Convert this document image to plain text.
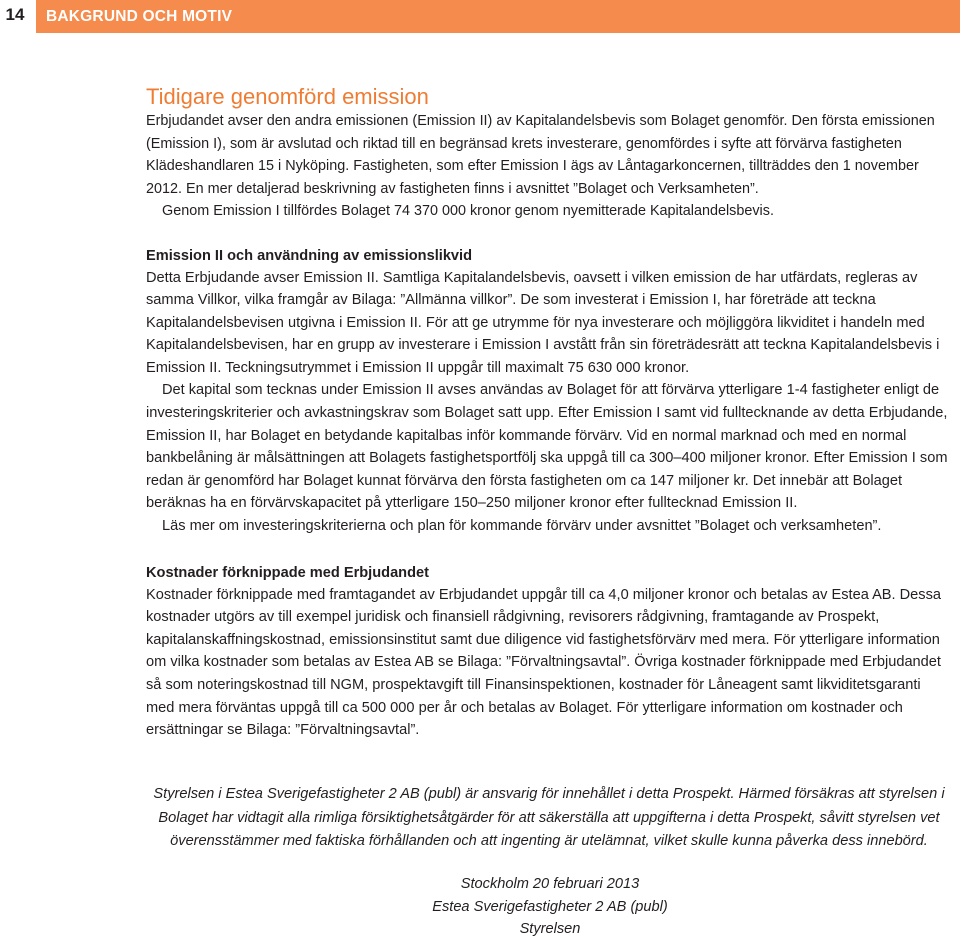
14	BAKGRUND OCH MOTIV
Tidigare genomförd emission

Erbjudandet avser den andra emissionen (Emission II) av Kapitalandelsbevis som Bolaget genomför. Den första emissionen (Emission I), som är avslutad och riktad till en begränsad krets investerare, genomfördes i syfte att förvärva fastigheten Klädeshandlaren 15 i Nyköping. Fastigheten, som efter Emission I ägs av Låntagarkoncernen, tillträddes den 1 november 2012. En mer detaljerad beskrivning av fastigheten finns i avsnittet ”Bolaget och Verksamheten”.

Genom Emission I tillfördes Bolaget 74 370 000 kronor genom nyemitterade Kapitalandelsbevis.

Emission II och användning av emissionslikvid

Detta Erbjudande avser Emission II. Samtliga Kapitalandelsbevis, oavsett i vilken emission de har utfärdats, regleras av samma Villkor, vilka framgår av Bilaga: ”Allmänna villkor”. De som investerat i Emission I, har företräde att teckna Kapitalandelsbevisen utgivna i Emission II. För att ge utrymme för nya investerare och möjliggöra likviditet i handeln med Kapitalandelsbevisen, har en grupp av investerare i Emission I avstått från sin företrädesrätt att teckna Kapitalandelsbevis i Emission II. Teckningsutrymmet i Emission II uppgår till maximalt 75 630 000 kronor.

Det kapital som tecknas under Emission II avses användas av Bolaget för att förvärva ytterligare 1-4 fastigheter enligt de investeringskriterier och avkastningskrav som Bolaget satt upp. Efter Emission I samt vid fulltecknande av detta Erbjudande, Emission II, har Bolaget en betydande kapitalbas inför kommande förvärv. Vid en normal marknad och med en normal bankbelåning är målsättningen att Bolagets fastighetsportfölj ska uppgå till ca 300–400 miljoner kronor. Efter Emission I som redan är genomförd har Bolaget kunnat förvärva den första fastigheten om ca 147 miljoner kr. Det innebär att Bolaget beräknas ha en förvärvskapacitet på ytterligare 150–250 miljoner kronor efter fulltecknad Emission II.

Läs mer om investeringskriterierna och plan för kommande förvärv under avsnittet ”Bolaget och verksamheten”.

Kostnader förknippade med Erbjudandet

Kostnader förknippade med framtagandet av Erbjudandet uppgår till ca 4,0 miljoner kronor och betalas av Estea AB. Dessa kostnader utgörs av till exempel juridisk och finansiell rådgivning, revisorers rådgivning, framtagande av Prospekt, kapitalanskaffningskostnad, emissionsinstitut samt due diligence vid fastighetsförvärv med mera. För ytterligare information om vilka kostnader som betalas av Estea AB se Bilaga: ”Förvaltningsavtal”. Övriga kostnader förknippade med Erbjudandet så som noteringskostnad till NGM, prospektavgift till Finansinspektionen, kostnader för Låneagent samt likviditetsgaranti med mera förväntas uppgå till ca 500 000 per år och betalas av Bolaget. För ytterligare information om kostnader och ersättningar se Bilaga: ”Förvaltningsavtal”.

Styrelsen i Estea Sverigefastigheter 2 AB (publ) är ansvarig för innehållet i detta Prospekt. Härmed försäkras att styrelsen i Bolaget har vidtagit alla rimliga försiktighetsåtgärder för att säkerställa att uppgifterna i detta Prospekt, såvitt styrelsen vet överensstämmer med faktiska förhållanden och att ingenting är utelämnat, vilket skulle kunna påverka dess innebörd.
Stockholm 20 februari 2013
Estea Sverigefastigheter 2 AB (publ)
Styrelsen
